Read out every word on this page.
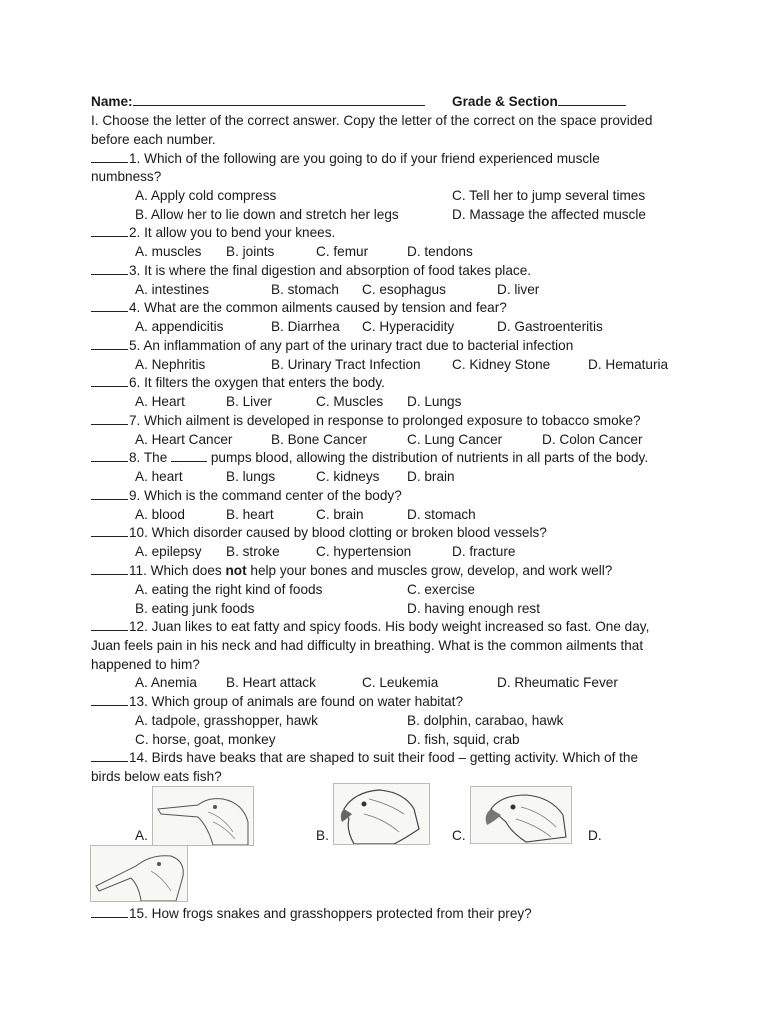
Name:	Grade & Section
I. Choose the letter of the correct answer. Copy the letter of the correct on the space provided
before each number.
1. Which of the following are you going to do if your friend experienced muscle
numbness?
A. Apply cold compress	C. Tell her to jump several times
B. Allow her to lie down and stretch her legs	D. Massage the affected muscle
2. It allow you to bend your knees.
A. muscles B. joints	C. femur	D. tendons
3. It is where the final digestion and absorption of food takes place.
A. intestines	B. stomach C. esophagus	D. liver
4. What are the common ailments caused by tension and fear?
A. appendicitis	B. Diarrhea C. Hyperacidity	D. Gastroenteritis
5. An inflammation of any part of the urinary tract due to bacterial infection
A. Nephritis	B. Urinary Tract Infection C. Kidney Stone	D. Hematuria
6. It filters the oxygen that enters the body.
A. Heart	B. Liver	C. Muscles D. Lungs
7. Which ailment is developed in response to prolonged exposure to tobacco smoke?
A. Heart Cancer	B. Bone Cancer	C. Lung Cancer	D. Colon Cancer
8. The	pumps blood, allowing the distribution of nutrients in all parts of the body.
A. heart	B. lungs	C. kidneys D. brain
9. Which is the command center of the body?
A. blood	B. heart	C. brain	D. stomach
10. Which disorder caused by blood clotting or broken blood vessels?
A. epilepsy B. stroke	C. hypertension	D. fracture
11. Which does not help your bones and muscles grow, develop, and work well?
A. eating the right kind of foods	C. exercise
B. eating junk foods	D. having enough rest
12. Juan likes to eat fatty and spicy foods. His body weight increased so fast. One day,
Juan feels pain in his neck and had difficulty in breathing. What is the common ailments that
happened to him?
A. Anemia B. Heart attack	C. Leukemia	D. Rheumatic Fever
13. Which group of animals are found on water habitat?
A. tadpole, grasshopper, hawk	B. dolphin, carabao, hawk
C. horse, goat, monkey	D. fish, squid, crab
14. Birds have beaks that are shaped to suit their food – getting activity. Which of the
birds below eats fish?
A.	B.	C.	D.
15. How frogs snakes and grasshoppers protected from their prey?
